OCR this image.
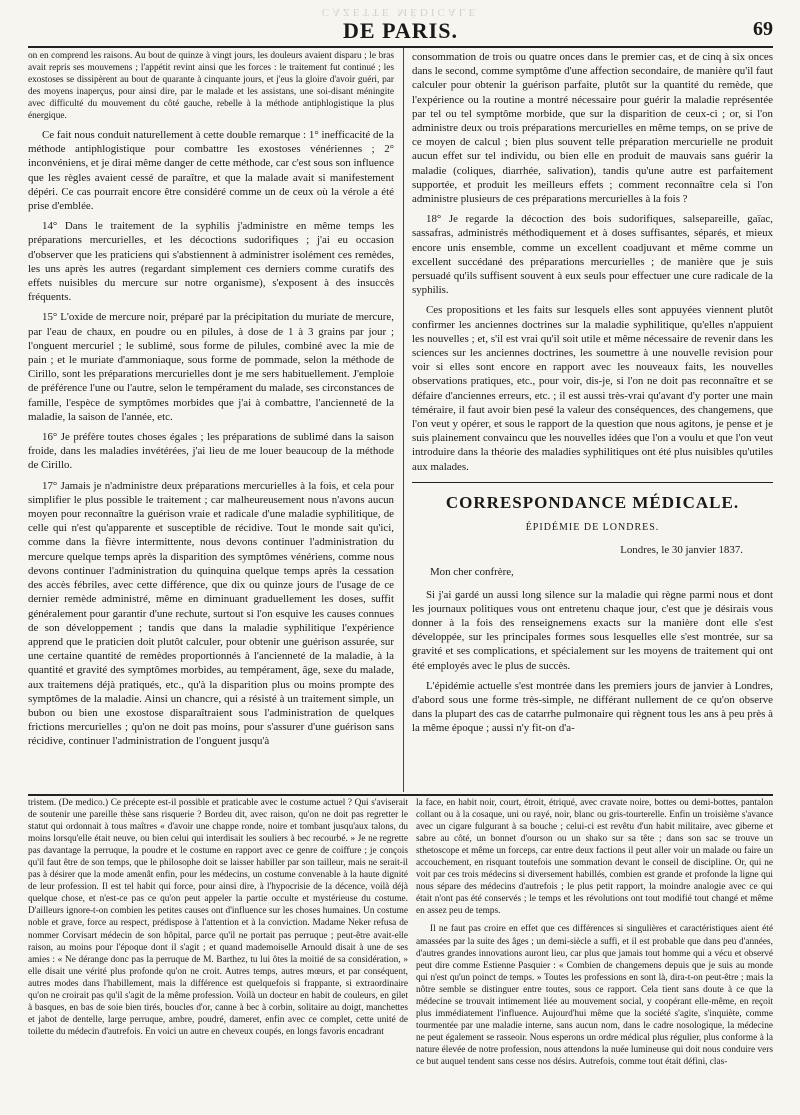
CAZETTE MÉDICALE
DE PARIS.	69

on en comprend les raisons. Au bout de quinze à vingt jours, les douleurs avaient disparu ; le bras avait repris ses mouvemens ; l'appétit revint ainsi que les forces : le traitement fut continué ; les exostoses se dissipèrent au bout de quarante à cinquante jours, et j'eus la gloire d'avoir guéri, par des moyens inaperçus, pour ainsi dire, par le malade et les assistans, une soi-disant méningite avec difficulté du mouvement du côté gauche, rebelle à la méthode antiphlogistique la plus énergique.

Ce fait nous conduit naturellement à cette double remarque : 1° inefficacité de la méthode antiphlogistique pour combattre les exostoses vénériennes ; 2° inconvéniens, et je dirai même danger de cette méthode, car c'est sous son influence que les règles avaient cessé de paraître, et que la malade avait si manifestement dépéri. Ce cas pourrait encore être considéré comme un de ceux où la vérole a été prise d'emblée.

14° Dans le traitement de la syphilis j'administre en même temps les préparations mercurielles, et les décoctions sudorifiques ; j'ai eu occasion d'observer que les praticiens qui s'abstiennent à administrer isolément ces remèdes, les uns après les autres (regardant simplement ces derniers comme curatifs des effets nuisibles du mercure sur notre organisme), s'exposent à des insuccès fréquents.

15° L'oxide de mercure noir, préparé par la précipitation du muriate de mercure, par l'eau de chaux, en poudre ou en pilules, à dose de 1 à 3 grains par jour ; l'onguent mercuriel ; le sublimé, sous forme de pilules, combiné avec la mie de pain ; et le muriate d'ammoniaque, sous forme de pommade, selon la méthode de Cirillo, sont les préparations mercurielles dont je me sers habituellement. J'emploie de préférence l'une ou l'autre, selon le tempérament du malade, ses circonstances de famille, l'espèce de symptômes morbides que j'ai à combattre, l'ancienneté de la maladie, la saison de l'année, etc.

16° Je préfère toutes choses égales ; les préparations de sublimé dans la saison froide, dans les maladies invétérées, j'ai lieu de me louer beaucoup de la méthode de Cirillo.

17° Jamais je n'administre deux préparations mercurielles à la fois, et cela pour simplifier le plus possible le traitement ; car malheureusement nous n'avons aucun moyen pour reconnaître la guérison vraie et radicale d'une maladie syphilitique, de celle qui n'est qu'apparente et susceptible de récidive. Tout le monde sait qu'ici, comme dans la fièvre intermittente, nous devons continuer l'administration du mercure quelque temps après la disparition des symptômes vénériens, comme nous devons continuer l'administration du quinquina quelque temps après la cessation des accès fébriles, avec cette différence, que dix ou quinze jours de l'usage de ce dernier remède administré, même en diminuant graduellement les doses, suffit généralement pour garantir d'une rechute, surtout si l'on esquive les causes connues de son développement ; tandis que dans la maladie syphilitique l'expérience apprend que le praticien doit plutôt calculer, pour obtenir une guérison assurée, sur une certaine quantité de remèdes proportionnés à l'ancienneté de la maladie, à la quantité et gravité des symptômes morbides, au tempérament, âge, sexe du malade, aux traitemens déjà pratiqués, etc., qu'à la disparition plus ou moins prompte des symptômes de la maladie. Ainsi un chancre, qui a résisté à un traitement simple, un bubon ou bien une exostose disparaîtraient sous l'administration de quelques frictions mercurielles ; qu'on ne doit pas moins, pour s'assurer d'une guérison sans récidive, continuer l'administration de l'onguent jusqu'à

consommation de trois ou quatre onces dans le premier cas, et de cinq à six onces dans le second, comme symptôme d'une affection secondaire, de manière qu'il faut calculer pour obtenir la guérison parfaite, plutôt sur la quantité du remède, que l'expérience ou la routine a montré nécessaire pour guérir la maladie représentée par tel ou tel symptôme morbide, que sur la disparition de ceux-ci ; or, si l'on administre deux ou trois préparations mercurielles en même temps, on se prive de ce moyen de calcul ; bien plus souvent telle préparation mercurielle ne produit aucun effet sur tel individu, ou bien elle en produit de mauvais sans guérir la maladie (coliques, diarrhée, salivation), tandis qu'une autre est parfaitement supportée, et produit les meilleurs effets ; comment reconnaître cela si l'on administre plusieurs de ces préparations mercurielles à la fois ?

18° Je regarde la décoction des bois sudorifiques, salsepareille, gaïac, sassafras, administrés méthodiquement et à doses suffisantes, séparés, et mieux encore unis ensemble, comme un excellent coadjuvant et même comme un excellent succédané des préparations mercurielles ; de manière que je suis persuadé qu'ils suffisent souvent à eux seuls pour effectuer une cure radicale de la syphilis.

Ces propositions et les faits sur lesquels elles sont appuyées viennent plutôt confirmer les anciennes doctrines sur la maladie syphilitique, qu'elles n'appuient les nouvelles ; et, s'il est vrai qu'il soit utile et même nécessaire de revenir dans les sciences sur les anciennes doctrines, les soumettre à une nouvelle revision pour voir si elles sont encore en rapport avec les nouveaux faits, les nouvelles observations pratiques, etc., pour voir, dis-je, si l'on ne doit pas reconnaître et se défaire d'anciennes erreurs, etc. ; il est aussi très-vrai qu'avant d'y porter une main téméraire, il faut avoir bien pesé la valeur des conséquences, des changemens, que l'on veut y opérer, et sous le rapport de la question que nous agitons, je pense et je suis plainement convaincu que les nouvelles idées que l'on a voulu et que l'on veut introduire dans la théorie des maladies syphilitiques ont été plus nuisibles qu'utiles aux malades.

CORRESPONDANCE MÉDICALE.
ÉPIDÉMIE DE LONDRES.
Londres, le 30 janvier 1837.
Mon cher confrère,

Si j'ai gardé un aussi long silence sur la maladie qui règne parmi nous et dont les journaux politiques vous ont entretenu chaque jour, c'est que je désirais vous donner à la fois des renseignemens exacts sur la manière dont elle s'est développée, sur les principales formes sous lesquelles elle s'est montrée, sur sa gravité et ses complications, et spécialement sur les moyens de traitement qui ont été employés avec le plus de succès.

L'épidémie actuelle s'est montrée dans les premiers jours de janvier à Londres, d'abord sous une forme très-simple, ne différant nullement de ce qu'on observe dans la plupart des cas de catarrhe pulmonaire qui règnent tous les ans à peu près à la même époque ; aussi n'y fit-on d'a-

tristem. (De medico.) Ce précepte est-il possible et praticable avec le costume actuel ? Qui s'aviserait de soutenir une pareille thèse sans risquerie ? Bordeu dit, avec raison, qu'on ne doit pas regretter le statut qui ordonnait à tous maîtres « d'avoir une chappe ronde, noire et tombant jusqu'aux talons, du moins lorsqu'elle était neuve, ou bien celui qui interdisait les souliers à bec recourbé. » Je ne regrette pas davantage la perruque, la poudre et le costume en rapport avec ce genre de coiffure ; je conçois qu'il faut être de son temps, que le philosophe doit se laisser habiller par son tailleur, mais ne serait-il pas à désirer que la mode amenât enfin, pour les médecins, un costume convenable à la haute dignité de leur profession. Il est tel habit qui force, pour ainsi dire, à l'hypocrisie de la décence, voilà déjà quelque chose, et n'est-ce pas ce qu'on peut appeler la partie occulte et mystérieuse du costume. D'ailleurs ignore-t-on combien les petites causes ont d'influence sur les choses humaines. Un costume noble et grave, force au respect, prédispose à l'attention et à la conviction. Madame Neker refusa de nommer Corvisart médecin de son hôpital, parce qu'il ne portait pas perruque ; peut-être avait-elle raison, au moins pour l'époque dont il s'agit ; et quand mademoiselle Arnould disait à une de ses amies : « Ne dérange donc pas la perruque de M. Barthez, tu lui ôtes la moitié de sa considération, » elle disait une vérité plus profonde qu'on ne croit. Autres temps, autres mœurs, et par conséquent, autres modes dans l'habillement, mais la différence est quelquefois si frappante, si extraordinaire qu'on ne croirait pas qu'il s'agit de la même profession. Voilà un docteur en habit de couleurs, en gilet à basques, en bas de soie bien tirés, boucles d'or, canne à bec à corbin, solitaire au doigt, manchettes et jabot de dentelle, large perruque, ambre, poudré, dameret, enfin avec ce complet, cette unité de toilette du médecin d'autrefois. En voici un autre en cheveux coupés, en longs favoris encadrant

la face, en habit noir, court, étroit, étriqué, avec cravate noire, bottes ou demi-bottes, pantalon collant ou à la cosaque, uni ou rayé, noir, blanc ou gris-tourterelle. Enfin un troisième s'avance avec un cigare fulgurant à sa bouche ; celui-ci est revêtu d'un habit militaire, avec giberne et sabre au côté, un bonnet d'ourson ou un shako sur sa tête ; dans son sac se trouve un sthetoscope et même un forceps, car entre deux factions il peut aller voir un malade ou faire un accouchement, en risquant toutefois une sommation devant le conseil de discipline. Or, qui ne voit par ces trois médecins si diversement habillés, combien est grande et profonde la ligne qui nous sépare des médecins d'autrefois ; le plus petit rapport, la moindre analogie avec ce qui était n'ont pas été conservés ; le temps et les révolutions ont tout modifié tout changé et même en assez peu de temps.

Il ne faut pas croire en effet que ces différences si singulières et caractéristiques aient été amassées par la suite des âges ; un demi-siècle a suffi, et il est probable que dans peu d'années, d'autres grandes innovations auront lieu, car plus que jamais tout homme qui a vécu et observé peut dire comme Estienne Pasquier : « Combien de changemens depuis que je suis au monde qui n'est qu'un poinct de temps. » Toutes les professions en sont là, dira-t-on peut-être ; mais la nôtre semble se distinguer entre toutes, sous ce rapport. Cela tient sans doute à ce que la médecine se trouvait intimement liée au mouvement social, y coopérant elle-même, en reçoit plus immédiatement l'influence. Aujourd'hui même que la société s'agite, s'inquiète, comme tourmentée par une maladie interne, sans aucun nom, dans le cadre nosologique, la médecine ne peut également se rasseoir. Nous esperons un ordre médical plus régulier, plus conforme à la nature élevée de notre profession, nous attendons la nuée lumineuse qui doit nous conduire vers ce but auquel tendent sans cesse nos désirs. Autrefois, comme tout était défini, clas-
